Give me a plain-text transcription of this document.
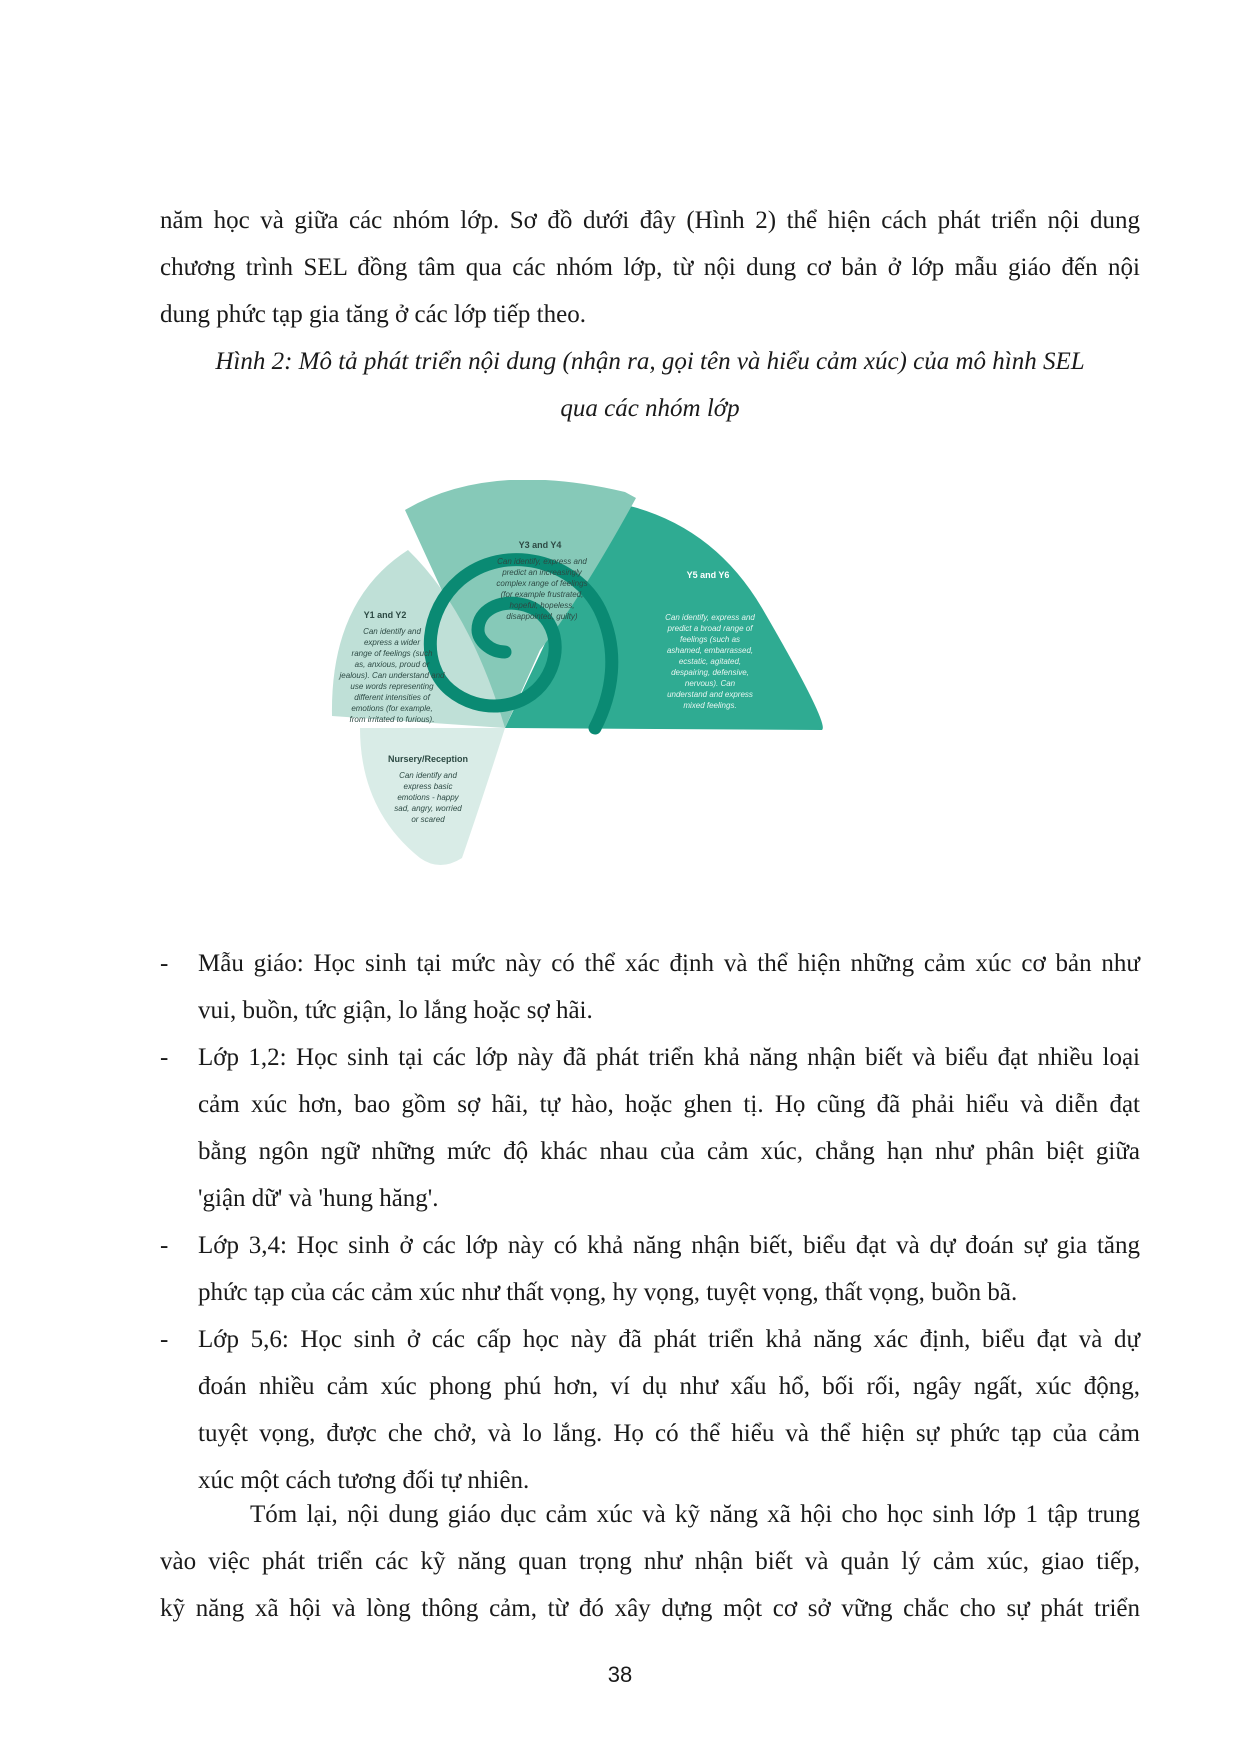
năm học và giữa các nhóm lớp. Sơ đồ dưới đây (Hình 2) thể hiện cách phát triển nội dung
chương trình SEL đồng tâm qua các nhóm lớp, từ nội dung cơ bản ở lớp mẫu giáo đến nội
dung phức tạp gia tăng ở các lớp tiếp theo.

Hình 2: Mô tả phát triển nội dung (nhận ra, gọi tên và hiểu cảm xúc) của mô hình SEL
qua các nhóm lớp

Y3 and Y4
Y1 and Y2
Y5 and Y6
Nursery/Reception
Can identify, express and
predict an increasingly
complex range of feelings
(for example frustrated,
hopeful, hopeless,
disappointed, guilty)
Can identify and
express a wider
range of feelings (such
as, anxious, proud or
jealous). Can understand and
use words representing
different intensities of
emotions (for example,
from irritated to furious).
Can identify, express and
predict a broad range of
feelings (such as
ashamed, embarrassed,
ecstatic, agitated,
despairing, defensive,
nervous). Can
understand and express
mixed feelings.
Can identify and
express basic
emotions - happy
sad, angry, worried
or scared
- Mẫu giáo: Học sinh tại mức này có thể xác định và thể hiện những cảm xúc cơ bản như
vui, buồn, tức giận, lo lắng hoặc sợ hãi.
- Lớp 1,2: Học sinh tại các lớp này đã phát triển khả năng nhận biết và biểu đạt nhiều loại
cảm xúc hơn, bao gồm sợ hãi, tự hào, hoặc ghen tị. Họ cũng đã phải hiểu và diễn đạt
bằng ngôn ngữ những mức độ khác nhau của cảm xúc, chẳng hạn như phân biệt giữa
'giận dữ' và 'hung hăng'.
- Lớp 3,4: Học sinh ở các lớp này có khả năng nhận biết, biểu đạt và dự đoán sự gia tăng
phức tạp của các cảm xúc như thất vọng, hy vọng, tuyệt vọng, thất vọng, buồn bã.
- Lớp 5,6: Học sinh ở các cấp học này đã phát triển khả năng xác định, biểu đạt và dự
đoán nhiều cảm xúc phong phú hơn, ví dụ như xấu hổ, bối rối, ngây ngất, xúc động,
tuyệt vọng, được che chở, và lo lắng. Họ có thể hiểu và thể hiện sự phức tạp của cảm
xúc một cách tương đối tự nhiên.

Tóm lại, nội dung giáo dục cảm xúc và kỹ năng xã hội cho học sinh lớp 1 tập trung
vào việc phát triển các kỹ năng quan trọng như nhận biết và quản lý cảm xúc, giao tiếp,
kỹ năng xã hội và lòng thông cảm, từ đó xây dựng một cơ sở vững chắc cho sự phát triển

38
